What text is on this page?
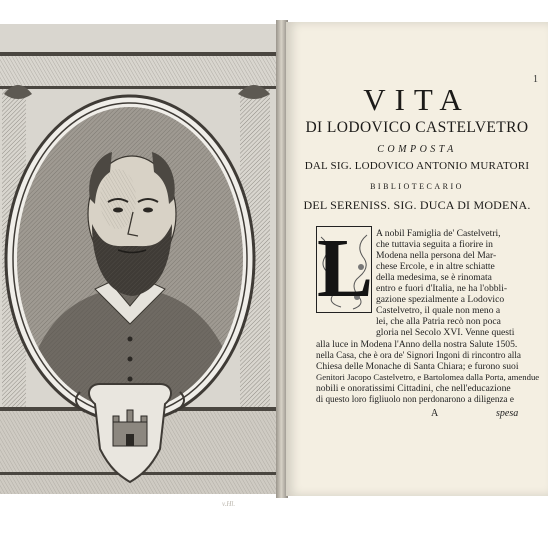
v.Hl.
1
VITA
DI LODOVICO CASTELVETRO
COMPOSTA
DAL SIG. LODOVICO ANTONIO MURATORI
BIBLIOTECARIO
DEL SERENISS. SIG. DUCA DI MODENA.
L A nobil Famiglia de' Castelvetri,

che tuttavia seguita a fiorire in

Modena nella persona del Mar-

chese Ercole, e in altre schiatte

della medesima, se è rinomata

entro e fuori d'Italia, ne ha l'obbli-

gazione spezialmente a Lodovico

Castelvetro, il quale non meno a

lei, che alla Patria recò non poca

gloria nel Secolo XVI. Venne questi

alla luce in Modena l'Anno della nostra Salute 1505.

nella Casa, che è ora de' Signori Ingoni di rincontro alla

Chiesa delle Monache di Santa Chiara; e furono suoi

Genitori Jacopo Castelvetro, e Bartolomea dalla Porta, amendue

nobili e onoratissimi Cittadini, che nell'educazione

di questo loro figliuolo non perdonarono a diligenza e

A	spesa
